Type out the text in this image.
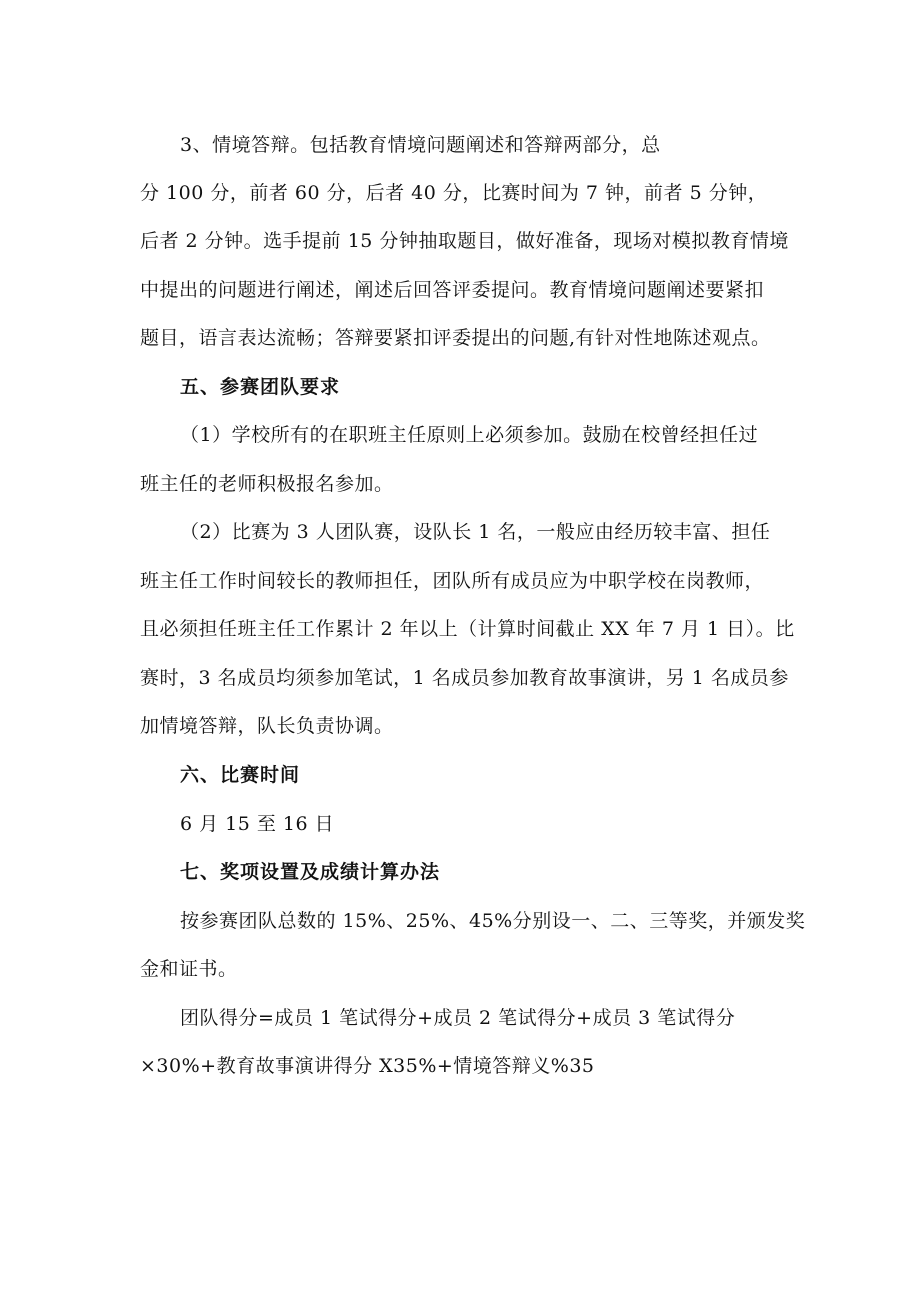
3、情境答辩。包括教育情境问题阐述和答辩两部分，总
分 100 分，前者 60 分，后者 40 分，比赛时间为 7 钟，前者 5 分钟，
后者 2 分钟。选手提前 15 分钟抽取题目，做好准备，现场对模拟教育情境
中提出的问题进行阐述，阐述后回答评委提问。教育情境问题阐述要紧扣
题目，语言表达流畅；答辩要紧扣评委提出的问题,有针对性地陈述观点。
五、参赛团队要求
（1）学校所有的在职班主任原则上必须参加。鼓励在校曾经担任过
班主任的老师积极报名参加。
（2）比赛为 3 人团队赛，设队长 1 名，一般应由经历较丰富、担任
班主任工作时间较长的教师担任，团队所有成员应为中职学校在岗教师，
且必须担任班主任工作累计 2 年以上（计算时间截止 XX 年 7 月 1 日）。比
赛时，3 名成员均须参加笔试，1 名成员参加教育故事演讲，另 1 名成员参
加情境答辩，队长负责协调。
六、比赛时间
6 月 15 至 16 日
七、奖项设置及成绩计算办法
按参赛团队总数的 15%、25%、45%分别设一、二、三等奖，并颁发奖
金和证书。
团队得分=成员 1 笔试得分+成员 2 笔试得分+成员 3 笔试得分
×30%+教育故事演讲得分 X35%+情境答辩义%35
